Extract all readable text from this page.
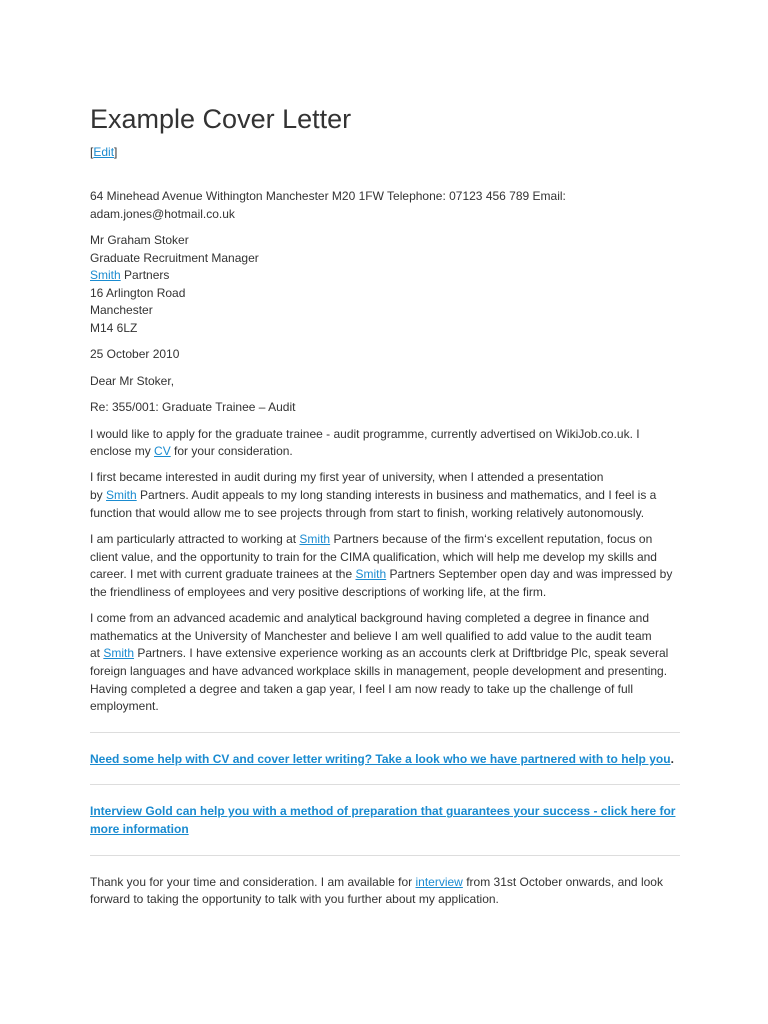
Example Cover Letter
[Edit]

64 Minehead Avenue Withington Manchester M20 1FW Telephone: 07123 456 789 Email: adam.jones@hotmail.co.uk

Mr Graham Stoker
Graduate Recruitment Manager
Smith Partners
16 Arlington Road
Manchester
M14 6LZ

25 October 2010

Dear Mr Stoker,

Re: 355/001: Graduate Trainee – Audit

I would like to apply for the graduate trainee - audit programme, currently advertised on WikiJob.co.uk. I enclose my CV for your consideration.

I first became interested in audit during my first year of university, when I attended a presentation by Smith Partners. Audit appeals to my long standing interests in business and mathematics, and I feel is a function that would allow me to see projects through from start to finish, working relatively autonomously.

I am particularly attracted to working at Smith Partners because of the firm‘s excellent reputation, focus on client value, and the opportunity to train for the CIMA qualification, which will help me develop my skills and career. I met with current graduate trainees at the Smith Partners September open day and was impressed by the friendliness of employees and very positive descriptions of working life, at the firm.

I come from an advanced academic and analytical background having completed a degree in finance and mathematics at the University of Manchester and believe I am well qualified to add value to the audit team at Smith Partners. I have extensive experience working as an accounts clerk at Driftbridge Plc, speak several foreign languages and have advanced workplace skills in management, people development and presenting. Having completed a degree and taken a gap year, I feel I am now ready to take up the challenge of full employment.

Need some help with CV and cover letter writing? Take a look who we have partnered with to help you.

Interview Gold can help you with a method of preparation that guarantees your success - click here for more information

Thank you for your time and consideration. I am available for interview from 31st October onwards, and look forward to taking the opportunity to talk with you further about my application.
